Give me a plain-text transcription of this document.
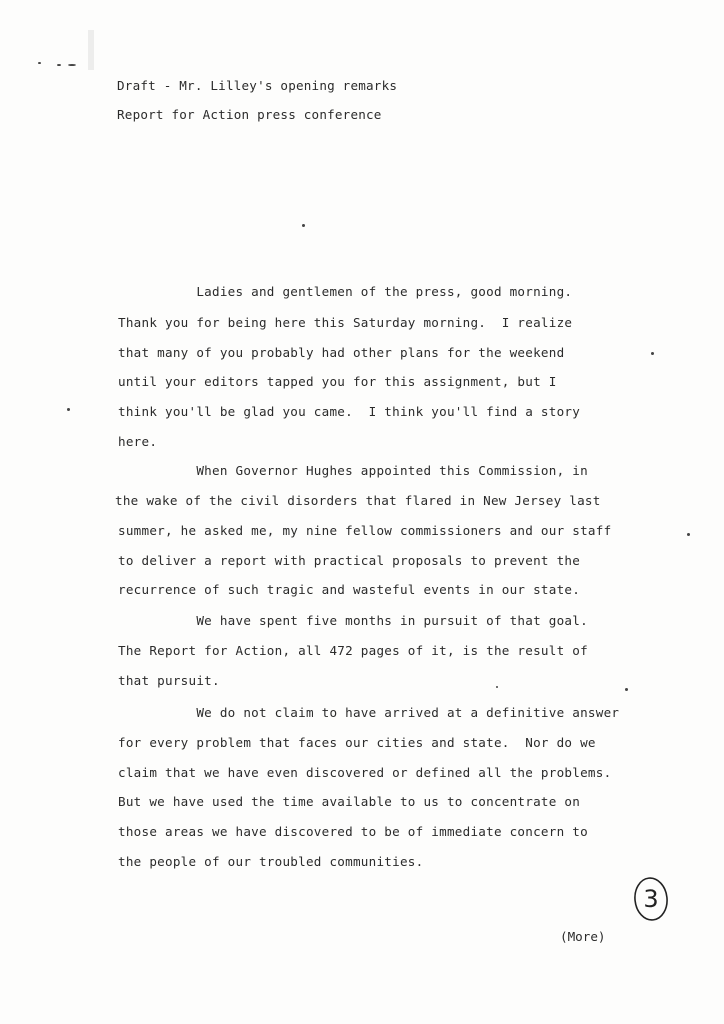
Draft - Mr. Lilley's opening remarks
Report for Action press conference
Ladies and gentlemen of the press, good morning.
Thank you for being here this Saturday morning.  I realize
that many of you probably had other plans for the weekend
until your editors tapped you for this assignment, but I
think you'll be glad you came.  I think you'll find a story
here.
When Governor Hughes appointed this Commission, in
the wake of the civil disorders that flared in New Jersey last
summer, he asked me, my nine fellow commissioners and our staff
to deliver a report with practical proposals to prevent the
recurrence of such tragic and wasteful events in our state.
We have spent five months in pursuit of that goal.
The Report for Action, all 472 pages of it, is the result of
that pursuit.
We do not claim to have arrived at a definitive answer
for every problem that faces our cities and state.  Nor do we
claim that we have even discovered or defined all the problems.
But we have used the time available to us to concentrate on
those areas we have discovered to be of immediate concern to
the people of our troubled communities.
3
(More)
